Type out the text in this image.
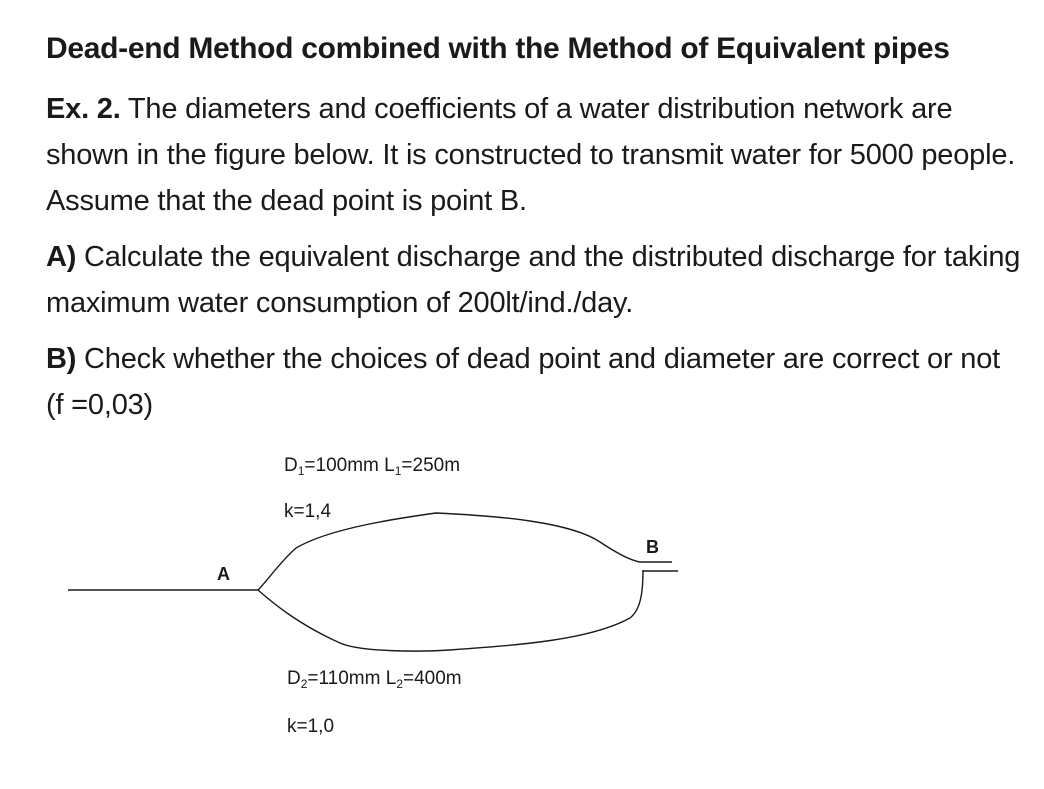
Dead-end Method combined with the Method of Equivalent pipes
Ex. 2. The diameters and coefficients of a water distribution network are shown in the figure below. It is constructed to transmit water for 5000 people. Assume that the dead point is point B.
A) Calculate the equivalent discharge and the distributed discharge for taking maximum water consumption of 200lt/ind./day.
B) Check whether the choices of dead point and diameter are correct or not (f =0,03)
A
B
$D_1=100mm$ $L_1=250m$
k=1,4
$D_2=110mm$ $L_2=400m$
k=1,0
